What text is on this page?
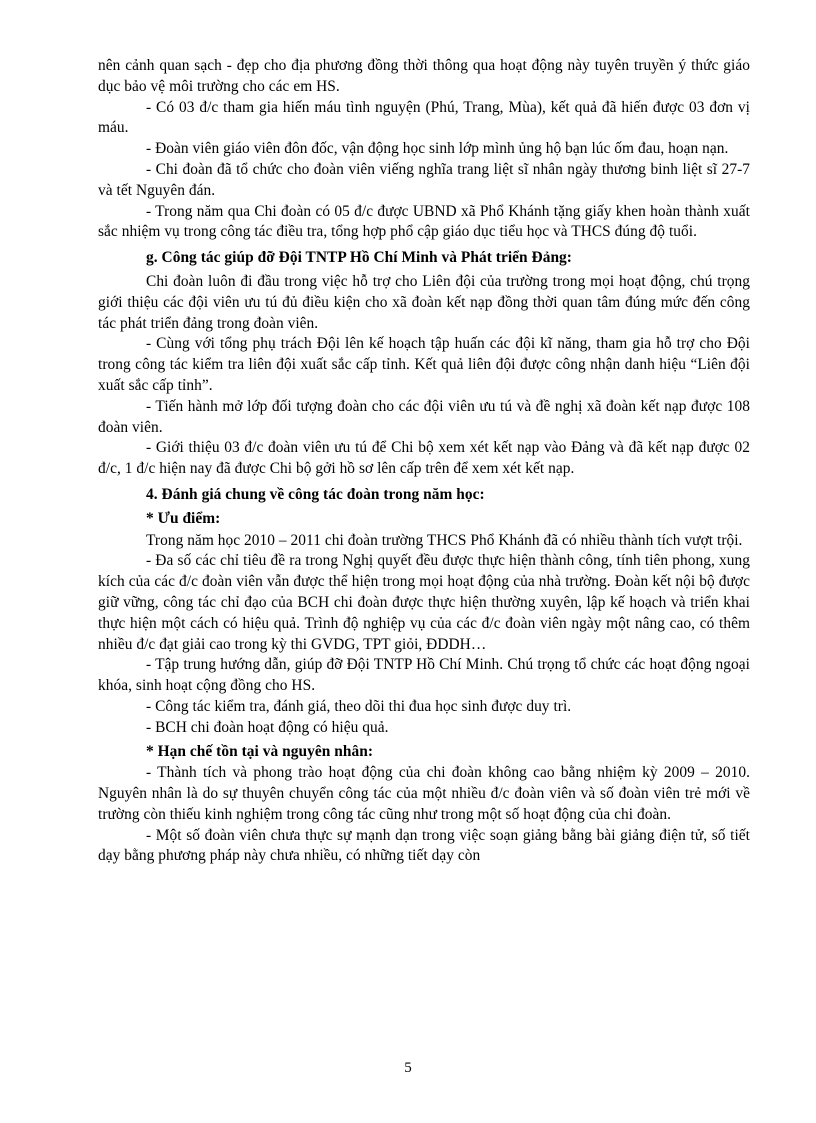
nên cảnh quan sạch - đẹp cho địa phương đồng thời thông qua hoạt động này tuyên truyền ý thức giáo dục bảo vệ môi trường cho các em HS.

- Có 03 đ/c tham gia hiến máu tình nguyện (Phú, Trang, Mùa), kết quả đã hiến được 03 đơn vị máu.

- Đoàn viên giáo viên đôn đốc, vận động học sinh lớp mình ủng hộ bạn lúc ốm đau, hoạn nạn.

- Chi đoàn đã tổ chức cho đoàn viên viếng nghĩa trang liệt sĩ nhân ngày thương binh liệt sĩ 27-7 và tết Nguyên đán.

- Trong năm qua Chi đoàn có 05 đ/c được UBND xã Phổ Khánh tặng giấy khen hoàn thành xuất sắc nhiệm vụ trong công tác điều tra, tổng hợp phổ cập giáo dục tiểu học và THCS đúng độ tuổi.

g. Công tác giúp đỡ Đội TNTP Hồ Chí Minh và Phát triển Đảng:

Chi đoàn luôn đi đầu trong việc hỗ trợ cho Liên đội của trường trong mọi hoạt động, chú trọng giới thiệu các đội viên ưu tú đủ điều kiện cho xã đoàn kết nạp đồng thời quan tâm đúng mức đến công tác phát triển đảng trong đoàn viên.

- Cùng với tổng phụ trách Đội lên kế hoạch tập huấn các đội kĩ năng, tham gia hỗ trợ cho Đội trong công tác kiểm tra liên đội xuất sắc cấp tỉnh. Kết quả liên đội được công nhận danh hiệu “Liên đội xuất sắc cấp tỉnh”.

- Tiến hành mở lớp đối tượng đoàn cho các đội viên ưu tú và đề nghị xã đoàn kết nạp được 108 đoàn viên.

- Giới thiệu 03 đ/c đoàn viên ưu tú để Chi bộ xem xét kết nạp vào Đảng và đã kết nạp được 02 đ/c, 1 đ/c hiện nay đã được Chi bộ gởi hồ sơ lên cấp trên để xem xét kết nạp.

4. Đánh giá chung về công tác đoàn trong năm học:

* Ưu điểm:

Trong năm học 2010 – 2011 chi đoàn trường THCS Phổ Khánh đã có nhiều thành tích vượt trội.

- Đa số các chỉ tiêu đề ra trong Nghị quyết đều được thực hiện thành công, tính tiên phong, xung kích của các đ/c đoàn viên vẫn được thể hiện trong mọi hoạt động của nhà trường. Đoàn kết nội bộ được giữ vững, công tác chỉ đạo của BCH chi đoàn được thực hiện thường xuyên, lập kế hoạch và triển khai thực hiện một cách có hiệu quả. Trình độ nghiệp vụ của các đ/c đoàn viên ngày một nâng cao, có thêm nhiều đ/c đạt giải cao trong kỳ thi GVDG, TPT giỏi, ĐDDH…

- Tập trung hướng dẫn, giúp đỡ Đội TNTP Hồ Chí Minh. Chú trọng tổ chức các hoạt động ngoại khóa, sinh hoạt cộng đồng cho HS.

- Công tác kiểm tra, đánh giá, theo dõi thi đua học sinh được duy trì.

- BCH chi đoàn hoạt động có hiệu quả.

* Hạn chế tồn tại và nguyên nhân:

- Thành tích và phong trào hoạt động của chi đoàn không cao bằng nhiệm kỳ 2009 – 2010. Nguyên nhân là do sự thuyên chuyển công tác của một nhiều đ/c đoàn viên và số đoàn viên trẻ mới về trường còn thiếu kinh nghiệm trong công tác cũng như trong một số hoạt động của chi đoàn.

- Một số đoàn viên chưa thực sự mạnh dạn trong việc soạn giảng bằng bài giảng điện tử, số tiết dạy bằng phương pháp này chưa nhiều, có những tiết dạy còn

5
